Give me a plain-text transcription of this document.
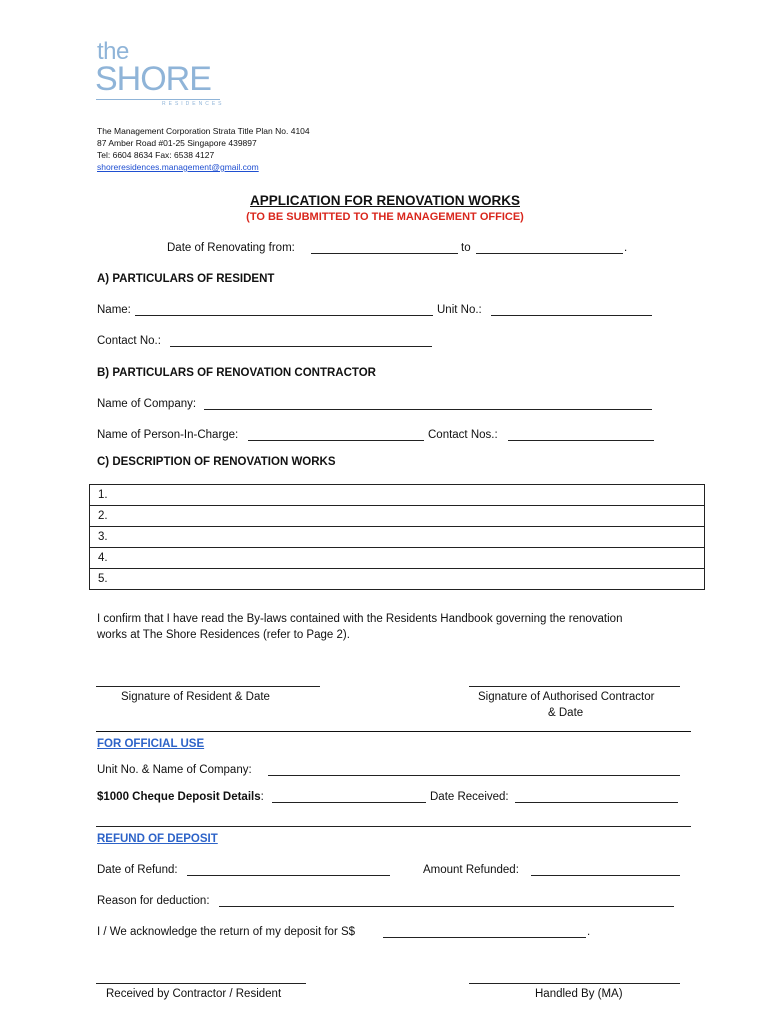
the
SHORE
RESIDENCES
The Management Corporation Strata Title Plan No. 4104
87 Amber Road #01-25 Singapore 439897
Tel: 6604 8634 Fax: 6538 4127
shoreresidences.management@gmail.com
APPLICATION FOR RENOVATION WORKS
(TO BE SUBMITTED TO THE MANAGEMENT OFFICE)
Date of Renovating from:	to	.
A) PARTICULARS OF RESIDENT
Name:	Unit No.:
Contact No.:
B) PARTICULARS OF RENOVATION CONTRACTOR
Name of Company:
Name of Person-In-Charge:	Contact Nos.:
C) DESCRIPTION OF RENOVATION WORKS
1.
2.
3.
4.
5.
I confirm that I have read the By-laws contained with the Residents Handbook governing the renovation
works at The Shore Residences (refer to Page 2).
Signature of Resident & Date	Signature of Authorised Contractor
& Date
FOR OFFICIAL USE
Unit No. & Name of Company:
$1000 Cheque Deposit Details:	Date Received:
REFUND OF DEPOSIT
Date of Refund:	Amount Refunded:
Reason for deduction:
I / We acknowledge the return of my deposit for S$	.
Received by Contractor / Resident	Handled By (MA)
